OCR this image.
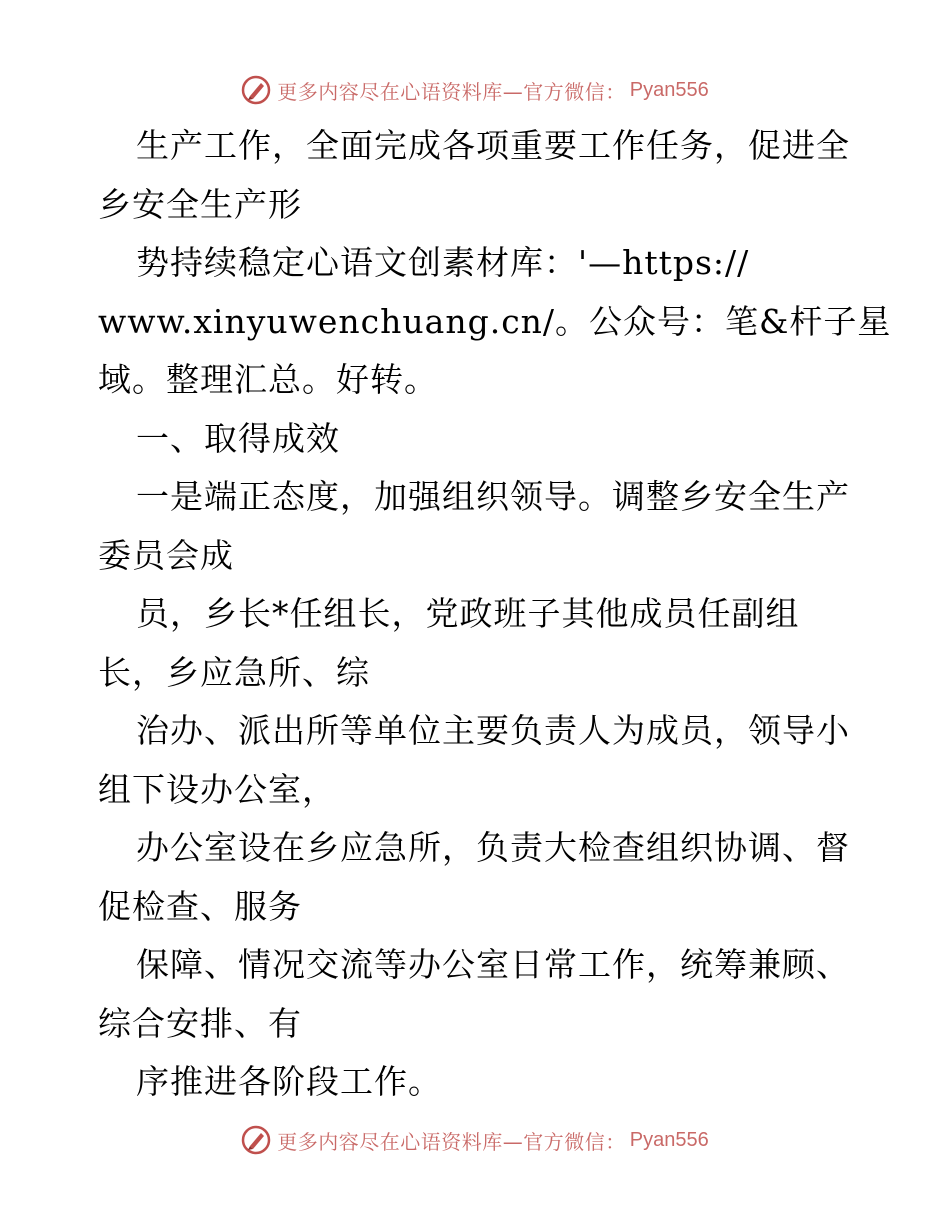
更多内容尽在心语资料库—官方微信： Pyan556
生产工作，全面完成各项重要工作任务，促进全
乡安全生产形
势持续稳定心语文创素材库：'—https://
www.xinyuwenchuang.cn/。公众号：笔&杆子星
域。整理汇总。好转。
一、取得成效
一是端正态度，加强组织领导。调整乡安全生产
委员会成
员，乡长*任组长，党政班子其他成员任副组
长，乡应急所、综
治办、派出所等单位主要负责人为成员，领导小
组下设办公室，
办公室设在乡应急所，负责大检查组织协调、督
促检查、服务
保障、情况交流等办公室日常工作，统筹兼顾、
综合安排、有
序推进各阶段工作。
更多内容尽在心语资料库—官方微信： Pyan556
